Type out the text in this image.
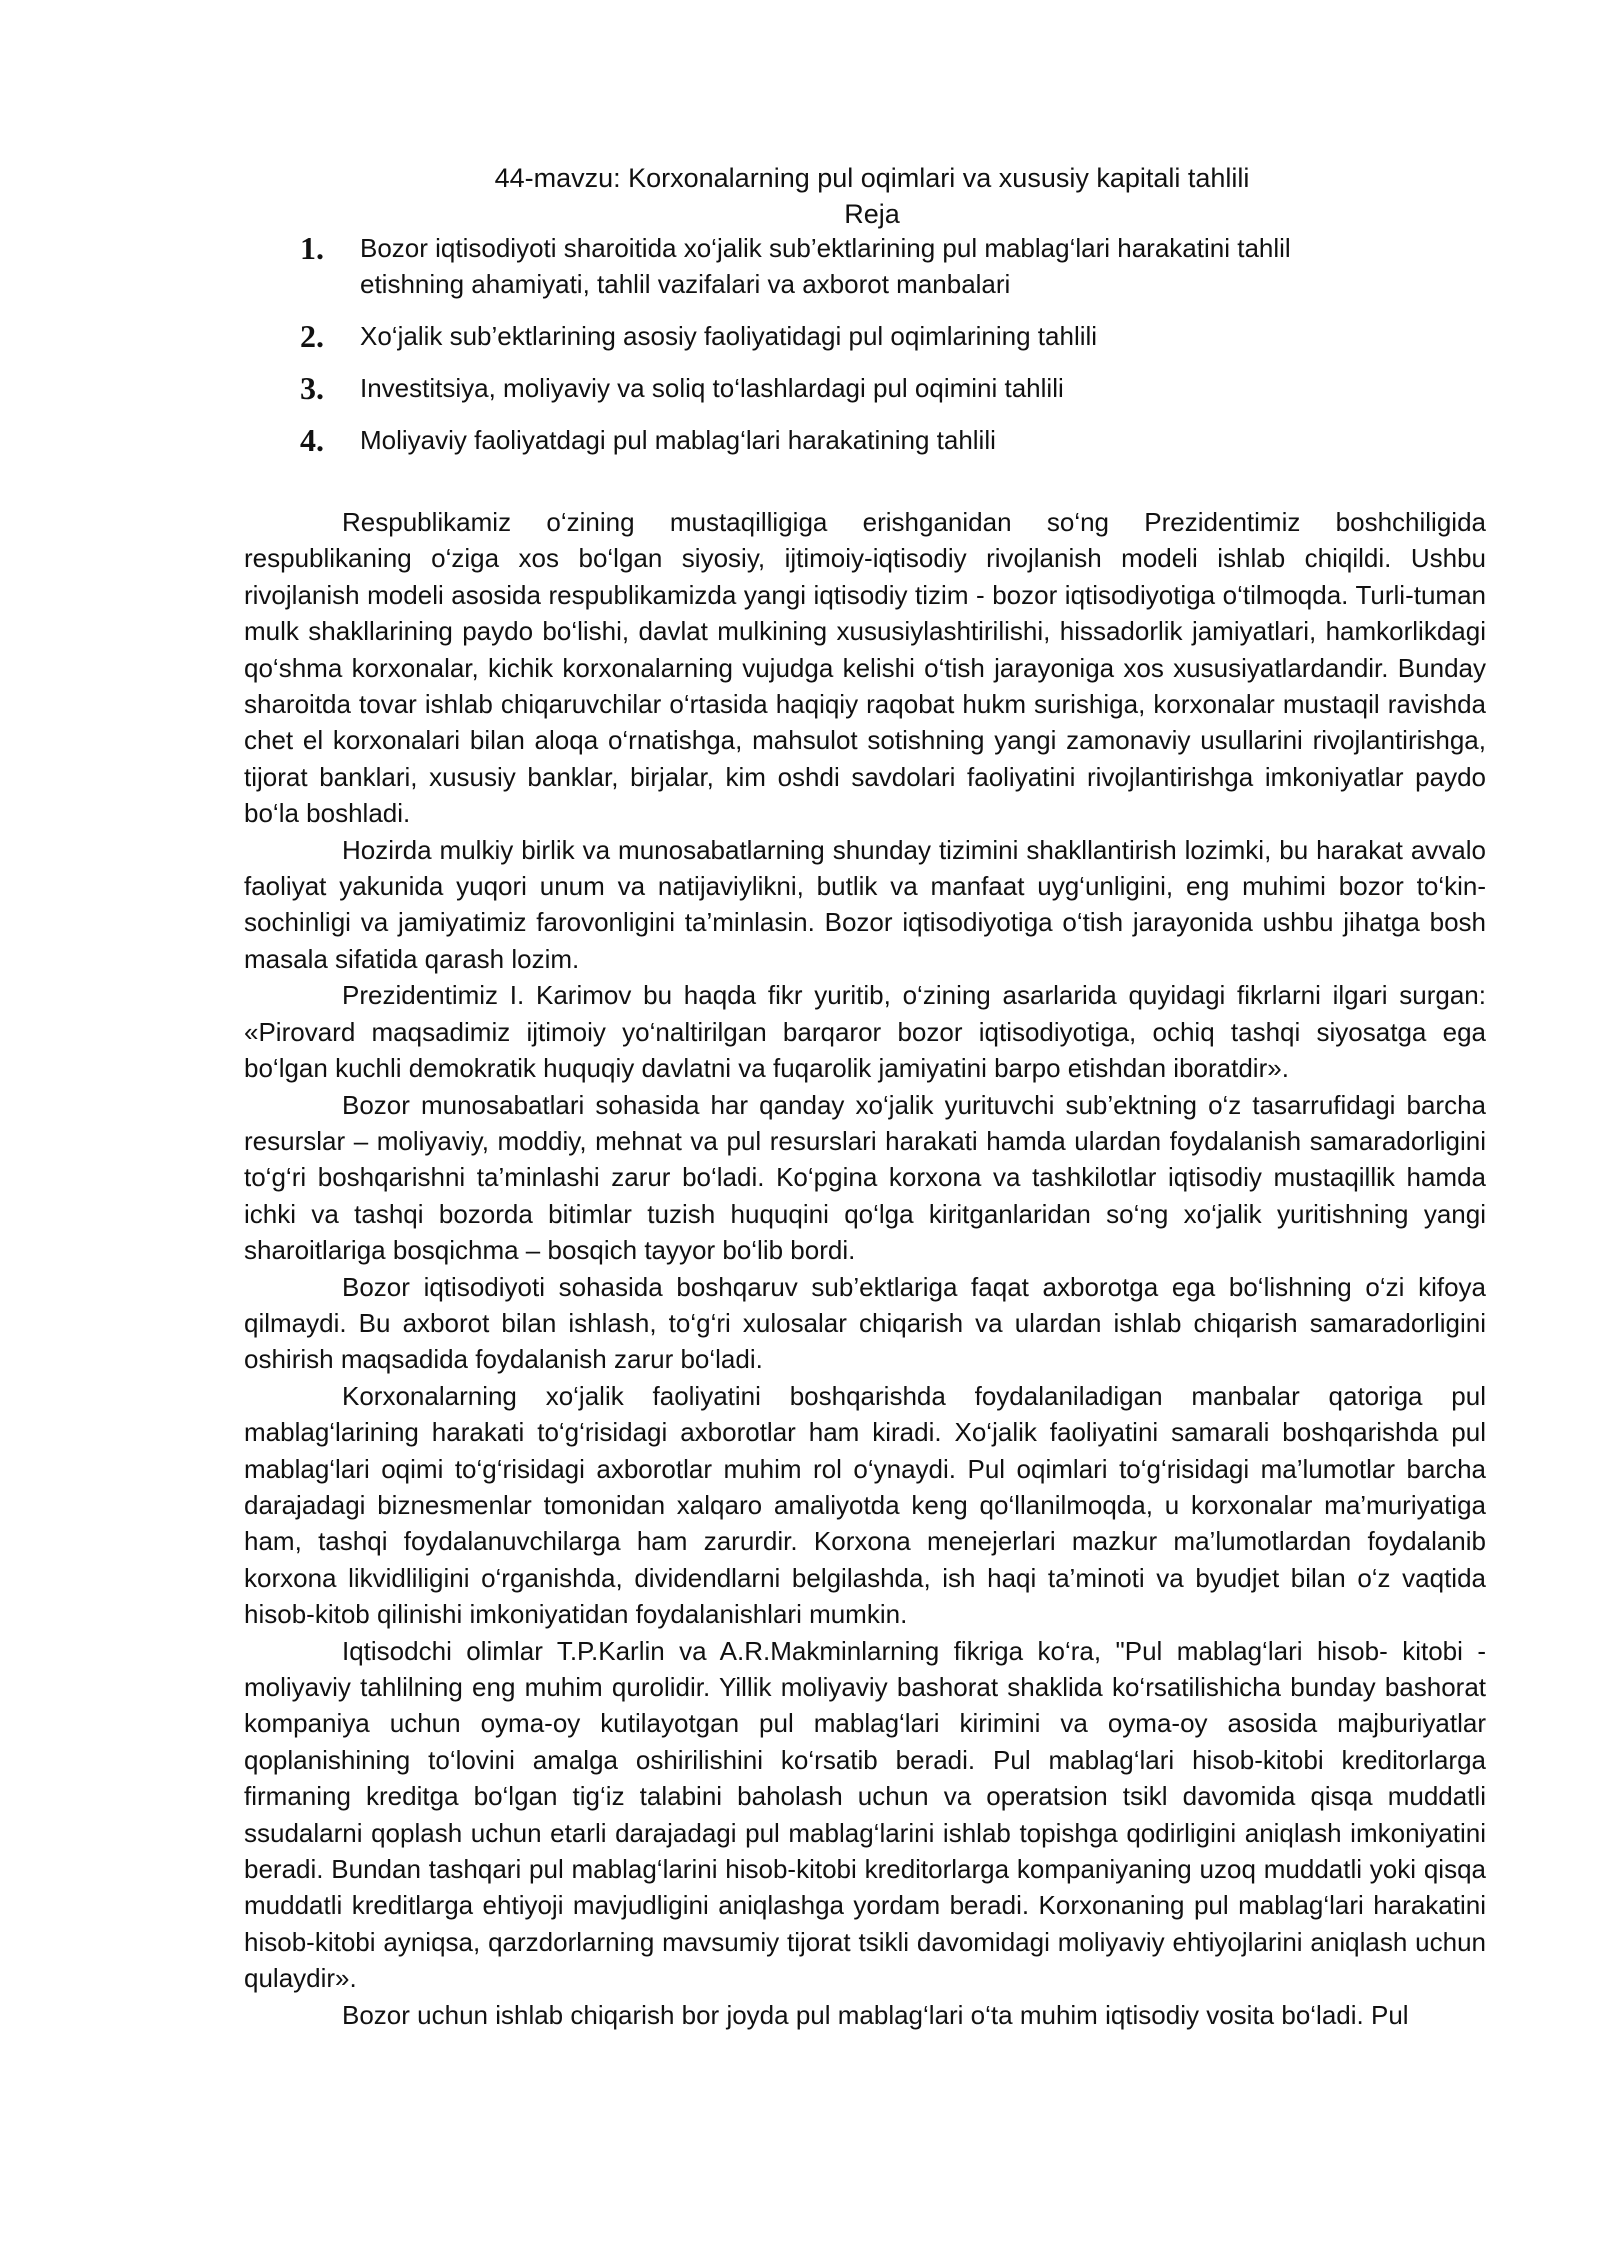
44-mavzu: Korxonalarning pul oqimlari va xususiy kapitali tahlili
Reja
1.	Bozor iqtisodiyoti sharoitida xo‘jalik sub’ektlarining pul mablag‘lari harakatini tahlil etishning ahamiyati, tahlil vazifalari va axborot manbalari
2.	Xo‘jalik sub’ektlarining asosiy faoliyatidagi pul oqimlarining tahlili
3.	Investitsiya, moliyaviy va soliq to‘lashlardagi pul oqimini tahlili
4.	Moliyaviy faoliyatdagi pul mablag‘lari harakatining tahlili

Respublikamiz o‘zining mustaqilligiga erishganidan so‘ng Prezidentimiz boshchiligida respublikaning o‘ziga xos bo‘lgan siyosiy, ijtimoiy-iqtisodiy rivojlanish modeli ishlab chiqildi. Ushbu rivojlanish modeli asosida respublikamizda yangi iqtisodiy tizim - bozor iqtisodiyotiga o‘tilmoqda. Turli-tuman mulk shakllarining paydo bo‘lishi, davlat mulkining xususiylashtirilishi, hissadorlik jamiyatlari, hamkorlikdagi qo‘shma korxonalar, kichik korxonalarning vujudga kelishi o‘tish jarayoniga xos xususiyatlardandir. Bunday sharoitda tovar ishlab chiqaruvchilar o‘rtasida haqiqiy raqobat hukm surishiga, korxonalar mustaqil ravishda chet el korxonalari bilan aloqa o‘rnatishga, mahsulot sotishning yangi zamonaviy usullarini rivojlantirishga, tijorat banklari, xususiy banklar, birjalar, kim oshdi savdolari faoliyatini rivojlantirishga imkoniyatlar paydo bo‘la boshladi.

Hozirda mulkiy birlik va munosabatlarning shunday tizimini shakllantirish lozimki, bu harakat avvalo faoliyat yakunida yuqori unum va natijaviylikni, butlik va manfaat uyg‘unligini, eng muhimi bozor to‘kin-sochinligi va jamiyatimiz farovonligini ta’minlasin. Bozor iqtisodiyotiga o‘tish jarayonida ushbu jihatga bosh masala sifatida qarash lozim.

Prezidentimiz I. Karimov bu haqda fikr yuritib, o‘zining asarlarida quyidagi fikrlarni ilgari surgan: «Pirovard maqsadimiz ijtimoiy yo‘naltirilgan barqaror bozor iqtisodiyotiga, ochiq tashqi siyosatga ega bo‘lgan kuchli demokratik huquqiy davlatni va fuqarolik jamiyatini barpo etishdan iboratdir».

Bozor munosabatlari sohasida har qanday xo‘jalik yurituvchi sub’ektning o‘z tasarrufidagi barcha resurslar – moliyaviy, moddiy, mehnat va pul resurslari harakati hamda ulardan foydalanish samaradorligini to‘g‘ri boshqarishni ta’minlashi zarur bo‘ladi. Ko‘pgina korxona va tashkilotlar iqtisodiy mustaqillik hamda ichki va tashqi bozorda bitimlar tuzish huquqini qo‘lga kiritganlaridan so‘ng xo‘jalik yuritishning yangi sharoitlariga bosqichma – bosqich tayyor bo‘lib bordi.

Bozor iqtisodiyoti sohasida boshqaruv sub’ektlariga faqat axborotga ega bo‘lishning o‘zi kifoya qilmaydi. Bu axborot bilan ishlash, to‘g‘ri xulosalar chiqarish va ulardan ishlab chiqarish samaradorligini oshirish maqsadida foydalanish zarur bo‘ladi.

Korxonalarning xo‘jalik faoliyatini boshqarishda foydalaniladigan manbalar qatoriga pul mablag‘larining harakati to‘g‘risidagi axborotlar ham kiradi. Xo‘jalik faoliyatini samarali boshqarishda pul mablag‘lari oqimi to‘g‘risidagi axborotlar muhim rol o‘ynaydi. Pul oqimlari to‘g‘risidagi ma’lumotlar barcha darajadagi biznesmenlar tomonidan xalqaro amaliyotda keng qo‘llanilmoqda, u korxonalar ma’muriyatiga ham, tashqi foydalanuvchilarga ham zarurdir. Korxona menejerlari mazkur ma’lumotlardan foydalanib korxona likvidliligini o‘rganishda, dividendlarni belgilashda, ish haqi ta’minoti va byudjet bilan o‘z vaqtida hisob-kitob qilinishi imkoniyatidan foydalanishlari mumkin.

Iqtisodchi olimlar T.P.Karlin va A.R.Makminlarning fikriga ko‘ra, "Pul mablag‘lari hisob- kitobi - moliyaviy tahlilning eng muhim qurolidir. Yillik moliyaviy bashorat shaklida ko‘rsatilishicha bunday bashorat kompaniya uchun oyma-oy kutilayotgan pul mablag‘lari kirimini va oyma-oy asosida majburiyatlar qoplanishining to‘lovini amalga oshirilishini ko‘rsatib beradi. Pul mablag‘lari hisob-kitobi kreditorlarga firmaning kreditga bo‘lgan tig‘iz talabini baholash uchun va operatsion tsikl davomida qisqa muddatli ssudalarni qoplash uchun etarli darajadagi pul mablag‘larini ishlab topishga qodirligini aniqlash imkoniyatini beradi. Bundan tashqari pul mablag‘larini hisob-kitobi kreditorlarga kompaniyaning uzoq muddatli yoki qisqa muddatli kreditlarga ehtiyoji mavjudligini aniqlashga yordam beradi. Korxonaning pul mablag‘lari harakatini hisob-kitobi ayniqsa, qarzdorlarning mavsumiy tijorat tsikli davomidagi moliyaviy ehtiyojlarini aniqlash uchun qulaydir».

Bozor uchun ishlab chiqarish bor joyda pul mablag‘lari o‘ta muhim iqtisodiy vosita bo‘ladi. Pul
